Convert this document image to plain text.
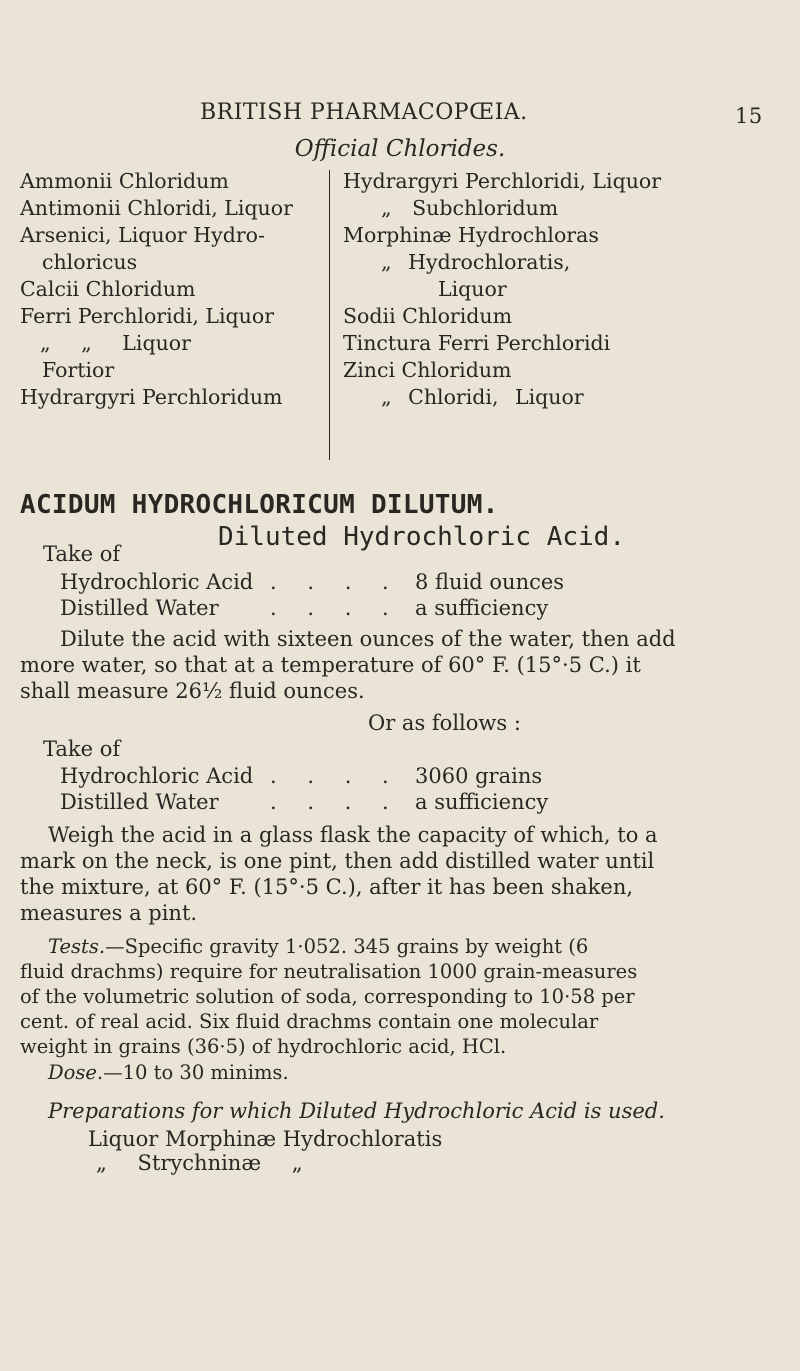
BRITISH PHARMACOPŒIA.	15
Official Chlorides.
Ammonii Chloridum
Antimonii Chloridi, Liquor
Arsenici, Liquor Hydro-
chloricus
Calcii Chloridum
Ferri Perchloridi, Liquor
„ „ Liquor
Fortior
Hydrargyri Perchloridum
Hydrargyri Perchloridi, Liquor
„ Subchloridum
Morphinæ Hydrochloras
„ Hydrochloratis,
Liquor
Sodii Chloridum
Tinctura Ferri Perchloridi
Zinci Chloridum
„ Chloridi, Liquor
ACIDUM HYDROCHLORICUM DILUTUM.
Diluted Hydrochloric Acid.
Take of
Hydrochloric Acid . . . . 8 fluid ounces
Distilled Water . . . . a sufficiency
Dilute the acid with sixteen ounces of the water, then add
more water, so that at a temperature of 60° F. (15°·5 C.) it
shall measure 26½ fluid ounces.
Or as follows :
Take of
Hydrochloric Acid . . . . 3060 grains
Distilled Water . . . . a sufficiency
Weigh the acid in a glass flask the capacity of which, to a
mark on the neck, is one pint, then add distilled water until
the mixture, at 60° F. (15°·5 C.), after it has been shaken,
measures a pint.
Tests.—Specific gravity 1·052. 345 grains by weight (6
fluid drachms) require for neutralisation 1000 grain-measures
of the volumetric solution of soda, corresponding to 10·58 per
cent. of real acid. Six fluid drachms contain one molecular
weight in grains (36·5) of hydrochloric acid, HCl.
Dose.—10 to 30 minims.
Preparations for which Diluted Hydrochloric Acid is used.
Liquor Morphinæ Hydrochloratis
„ Strychninæ „
